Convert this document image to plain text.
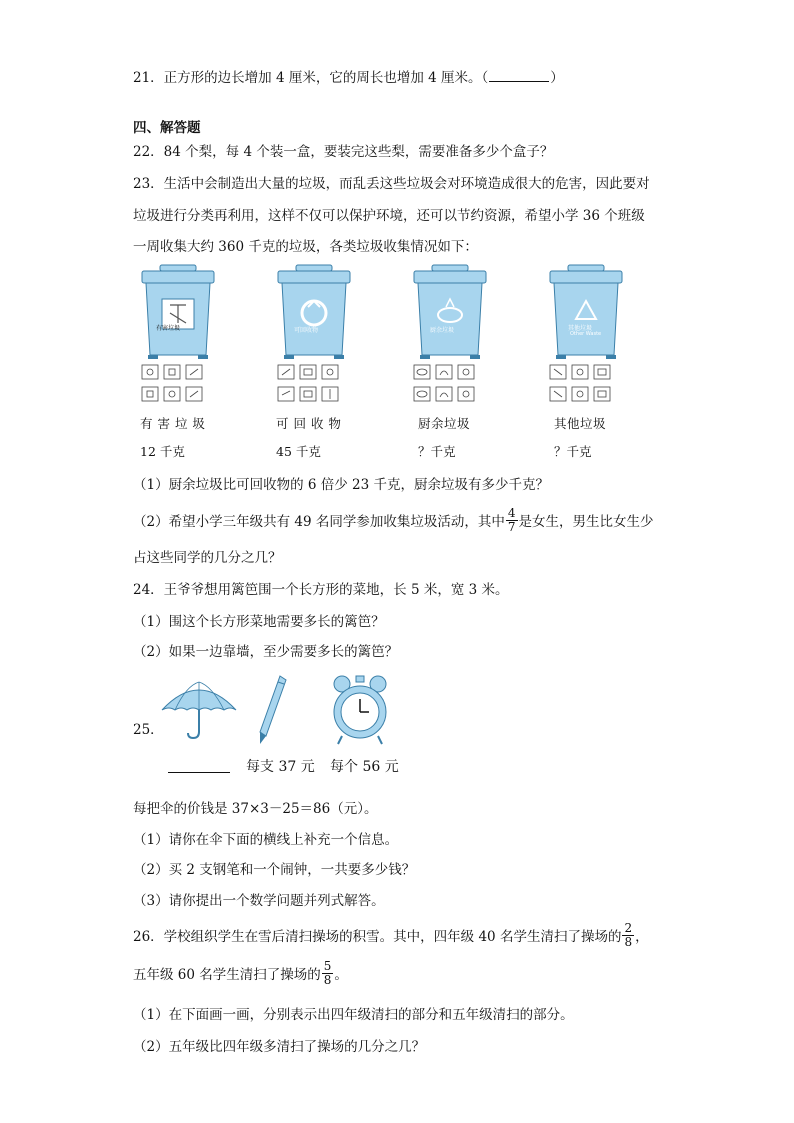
21．正方形的边长增加 4 厘米，它的周长也增加 4 厘米。（	）
四、解答题
22．84 个梨，每 4 个装一盒，要装完这些梨，需要准备多少个盒子？
23．生活中会制造出大量的垃圾，而乱丢这些垃圾会对环境造成很大的危害，因此要对
垃圾进行分类再利用，这样不仅可以保护环境，还可以节约资源，希望小学 36 个班级
一周收集大约 360 千克的垃圾，各类垃圾收集情况如下：
有害垃圾	可回收物	厨余垃圾	其他垃圾
Other Waste
有 害 垃 圾	可 回 收 物	厨余垃圾	其他垃圾
12 千克	45 千克	？千克	？千克
（1）厨余垃圾比可回收物的 6 倍少 23 千克，厨余垃圾有多少千克？
（2）希望小学三年级共有 49 名同学参加收集垃圾活动，其中 $\frac{4}{7}$ 是女生，男生比女生少
占这些同学的几分之几？
24．王爷爷想用篱笆围一个长方形的菜地，长 5 米，宽 3 米。
（1）围这个长方形菜地需要多长的篱笆？
（2）如果一边靠墙，至少需要多长的篱笆？
25．
每支 37 元 每个 56 元
每把伞的价钱是 37×3－25＝86（元）。
（1）请你在伞下面的横线上补充一个信息。
（2）买 2 支钢笔和一个闹钟，一共要多少钱？
（3）请你提出一个数学问题并列式解答。
26．学校组织学生在雪后清扫操场的积雪。其中，四年级 40 名学生清扫了操场的 $\frac{2}{8}$ ，
五年级 60 名学生清扫了操场的 $\frac{5}{8}$ 。
（1）在下面画一画，分别表示出四年级清扫的部分和五年级清扫的部分。
（2）五年级比四年级多清扫了操场的几分之几？
